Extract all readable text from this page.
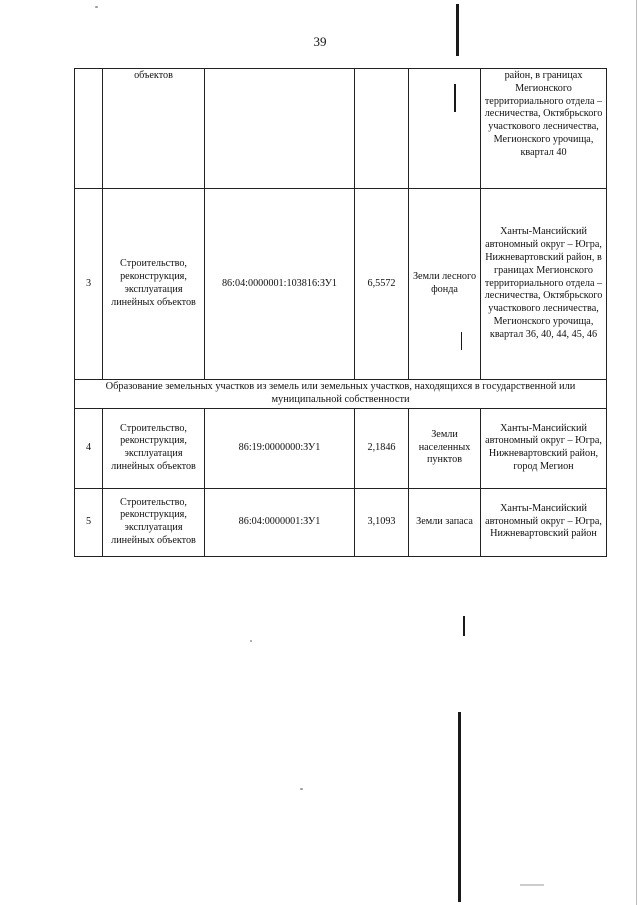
39
	объектов				район, в границах Мегионского территориального отдела – лесничества, Октябрьского участкового лесничества, Мегионского урочища, квартал 40
3	Строительство, реконструкция, эксплуатация линейных объектов	86:04:0000001:103816:ЗУ1	6,5572	Земли лесного фонда	Ханты-Мансийский автономный округ – Югра, Нижневартовский район, в границах Мегионского территориального отдела – лесничества, Октябрьского участкового лесничества, Мегионского урочища, квартал 36, 40, 44, 45, 46
Образование земельных участков из земель или земельных участков, находящихся в государственной или муниципальной собственности					
4	Строительство, реконструкция, эксплуатация линейных объектов	86:19:0000000:ЗУ1	2,1846	Земли населенных пунктов	Ханты-Мансийский автономный округ – Югра, Нижневартовский район, город Мегион
5	Строительство, реконструкция, эксплуатация линейных объектов	86:04:0000001:ЗУ1	3,1093	Земли запаса	Ханты-Мансийский автономный округ – Югра, Нижневартовский район
